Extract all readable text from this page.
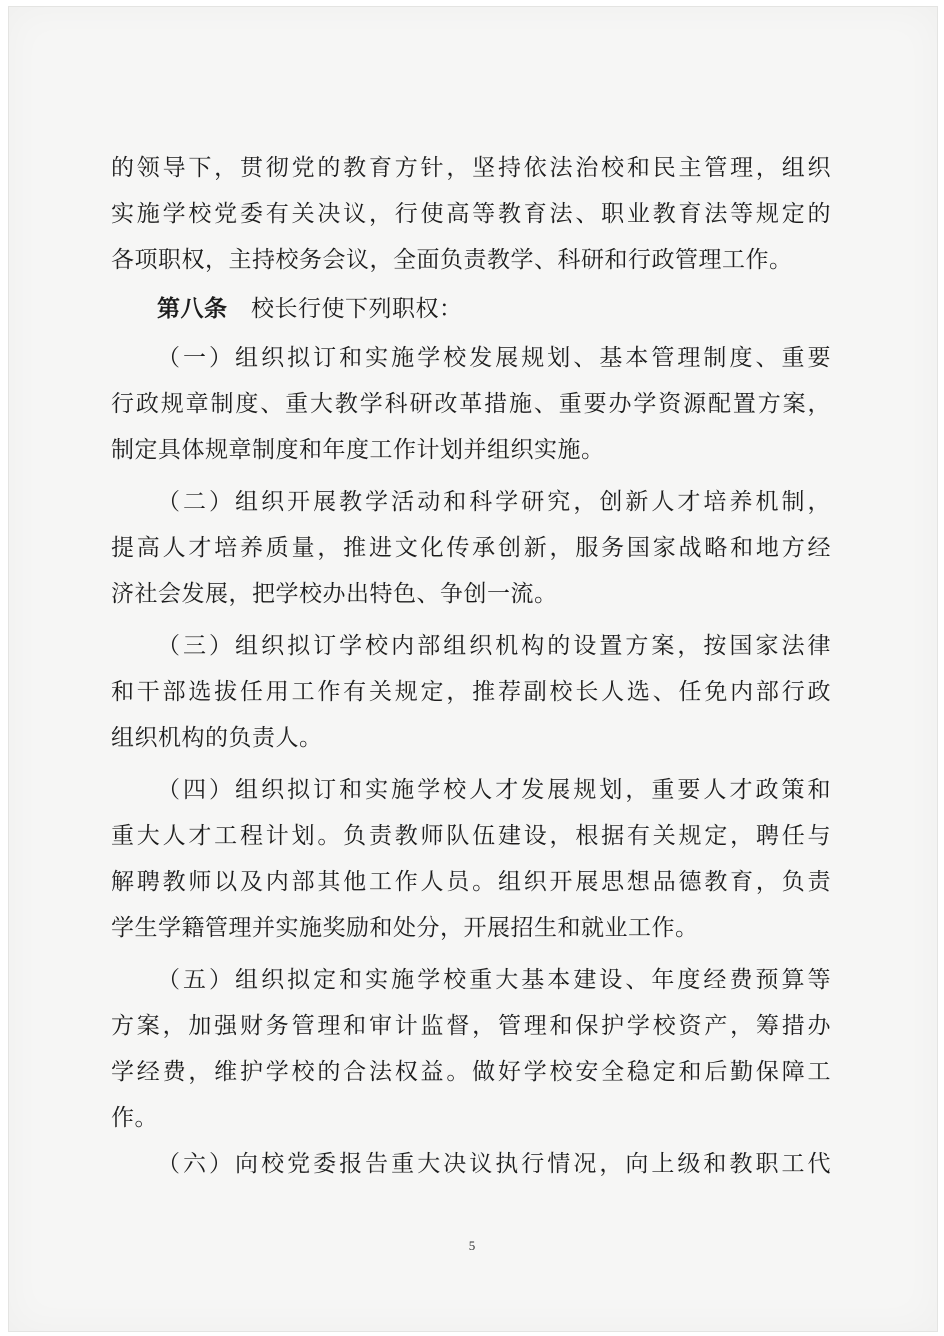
的领导下，贯彻党的教育方针，坚持依法治校和民主管理，组织
实施学校党委有关决议，行使高等教育法、职业教育法等规定的
各项职权，主持校务会议，全面负责教学、科研和行政管理工作。
第八条　 校长行使下列职权：
（一）组织拟订和实施学校发展规划、基本管理制度、重要
行政规章制度、重大教学科研改革措施、重要办学资源配置方案，
制定具体规章制度和年度工作计划并组织实施。
（二）组织开展教学活动和科学研究，创新人才培养机制，
提高人才培养质量，推进文化传承创新，服务国家战略和地方经
济社会发展，把学校办出特色、争创一流。
（三）组织拟订学校内部组织机构的设置方案，按国家法律
和干部选拔任用工作有关规定，推荐副校长人选、任免内部行政
组织机构的负责人。
（四）组织拟订和实施学校人才发展规划，重要人才政策和
重大人才工程计划。负责教师队伍建设，根据有关规定，聘任与
解聘教师以及内部其他工作人员。组织开展思想品德教育，负责
学生学籍管理并实施奖励和处分，开展招生和就业工作。
（五）组织拟定和实施学校重大基本建设、年度经费预算等
方案，加强财务管理和审计监督，管理和保护学校资产，筹措办
学经费，维护学校的合法权益。做好学校安全稳定和后勤保障工
作。
（六）向校党委报告重大决议执行情况，向上级和教职工代
5
